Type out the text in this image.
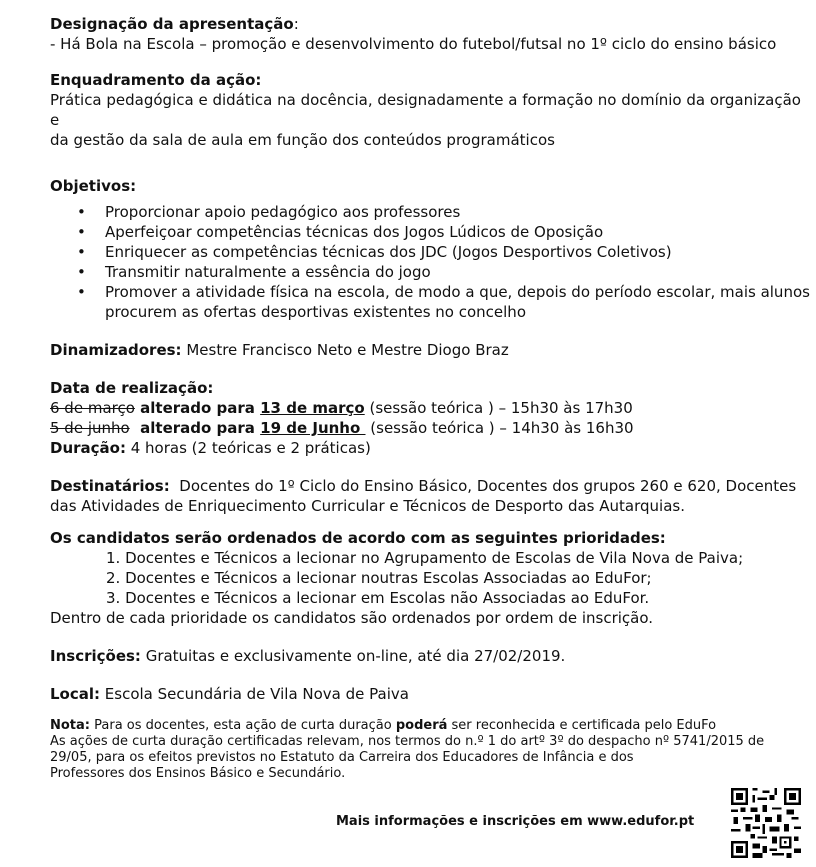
Designação da apresentação:

- Há Bola na Escola – promoção e desenvolvimento do futebol/futsal no 1º ciclo do ensino básico

Enquadramento da ação:

Prática pedagógica e didática na docência, designadamente a formação no domínio da organização e

da gestão da sala de aula em função dos conteúdos programáticos

Objetivos:

• Proporcionar apoio pedagógico aos professores
• Aperfeiçoar competências técnicas dos Jogos Lúdicos de Oposição
• Enriquecer as competências técnicas dos JDC (Jogos Desportivos Coletivos)
• Transmitir naturalmente a essência do jogo
• Promover a atividade física na escola, de modo a que, depois do período escolar, mais alunos
procurem as ofertas desportivas existentes no concelho

Dinamizadores: Mestre Francisco Neto e Mestre Diogo Braz

Data de realização:

6 de março alterado para 13 de março (sessão teórica ) – 15h30 às 17h30

5 de junho  alterado para 19 de Junho  (sessão teórica ) – 14h30 às 16h30

Duração: 4 horas (2 teóricas e 2 práticas)

Destinatários:  Docentes do 1º Ciclo do Ensino Básico, Docentes dos grupos 260 e 620, Docentes

das Atividades de Enriquecimento Curricular e Técnicos de Desporto das Autarquias.

Os candidatos serão ordenados de acordo com as seguintes prioridades:

1. Docentes e Técnicos a lecionar no Agrupamento de Escolas de Vila Nova de Paiva;

2. Docentes e Técnicos a lecionar noutras Escolas Associadas ao EduFor;

3. Docentes e Técnicos a lecionar em Escolas não Associadas ao EduFor.

Dentro de cada prioridade os candidatos são ordenados por ordem de inscrição.

Inscrições: Gratuitas e exclusivamente on-line, até dia 27/02/2019.

Local: Escola Secundária de Vila Nova de Paiva

Nota: Para os docentes, esta ação de curta duração poderá ser reconhecida e certificada pelo EduFo

As ações de curta duração certificadas relevam, nos termos do n.º 1 do artº 3º do despacho nº 5741/2015 de

29/05, para os efeitos previstos no Estatuto da Carreira dos Educadores de Infância e dos

Professores dos Ensinos Básico e Secundário.

Mais informações e inscrições em www.edufor.pt
